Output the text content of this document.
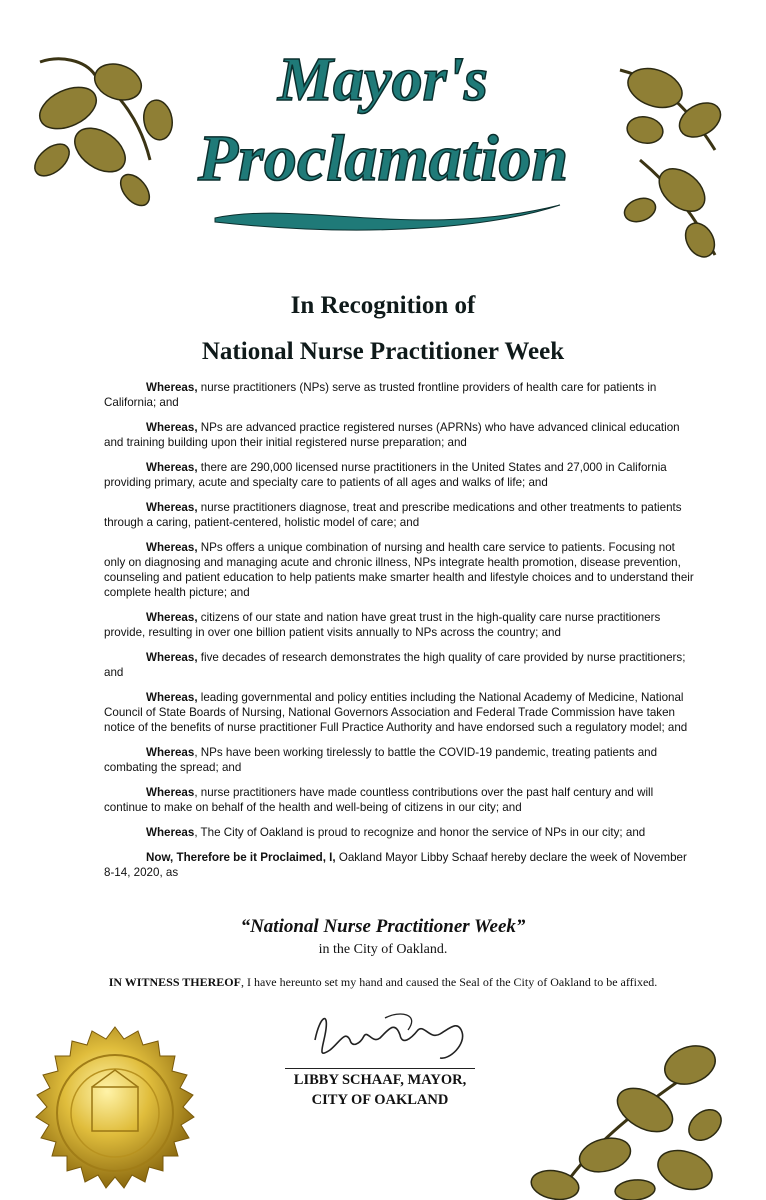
Mayor's
Proclamation
In Recognition of
National Nurse Practitioner Week

Whereas, nurse practitioners (NPs) serve as trusted frontline providers of health care for patients in California; and

Whereas, NPs are advanced practice registered nurses (APRNs) who have advanced clinical education and training building upon their initial registered nurse preparation; and

Whereas, there are 290,000 licensed nurse practitioners in the United States and 27,000 in California providing primary, acute and specialty care to patients of all ages and walks of life; and

Whereas, nurse practitioners diagnose, treat and prescribe medications and other treatments to patients through a caring, patient-centered, holistic model of care; and

Whereas, NPs offers a unique combination of nursing and health care service to patients. Focusing not only on diagnosing and managing acute and chronic illness, NPs integrate health promotion, disease prevention, counseling and patient education to help patients make smarter health and lifestyle choices and to understand their complete health picture; and

Whereas, citizens of our state and nation have great trust in the high-quality care nurse practitioners provide, resulting in over one billion patient visits annually to NPs across the country; and

Whereas, five decades of research demonstrates the high quality of care provided by nurse practitioners; and

Whereas, leading governmental and policy entities including the National Academy of Medicine, National Council of State Boards of Nursing, National Governors Association and Federal Trade Commission have taken notice of the benefits of nurse practitioner Full Practice Authority and have endorsed such a regulatory model; and

Whereas, NPs have been working tirelessly to battle the COVID-19 pandemic, treating patients and combating the spread; and

Whereas, nurse practitioners have made countless contributions over the past half century and will continue to make on behalf of the health and well-being of citizens in our city; and

Whereas, The City of Oakland is proud to recognize and honor the service of NPs in our city; and

Now, Therefore be it Proclaimed, I, Oakland Mayor Libby Schaaf hereby declare the week of November 8-14, 2020, as

“National Nurse Practitioner Week”
in the City of Oakland.
IN WITNESS THEREOF, I have hereunto set my hand and caused the Seal of the City of Oakland to be affixed.
LIBBY SCHAAF, MAYOR,
CITY OF OAKLAND
